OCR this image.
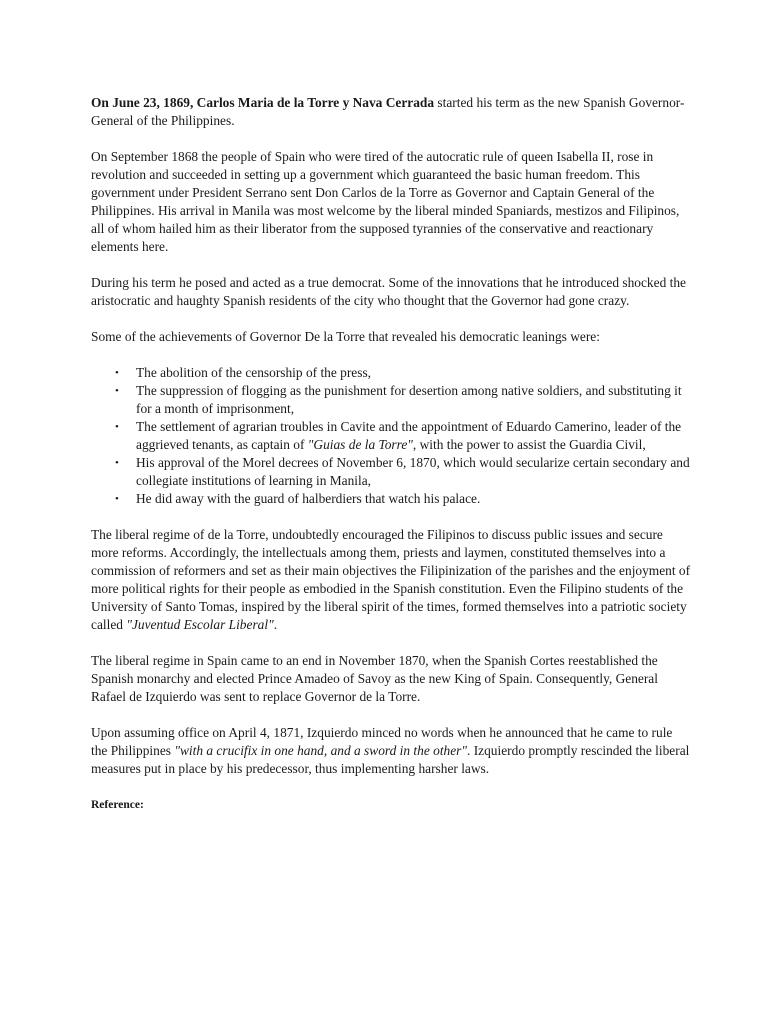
On June 23, 1869, Carlos Maria de la Torre y Nava Cerrada started his term as the new Spanish Governor-General of the Philippines.

On September 1868 the people of Spain who were tired of the autocratic rule of queen Isabella II, rose in revolution and succeeded in setting up a government which guaranteed the basic human freedom. This government under President Serrano sent Don Carlos de la Torre as Governor and Captain General of the Philippines. His arrival in Manila was most welcome by the liberal minded Spaniards, mestizos and Filipinos, all of whom hailed him as their liberator from the supposed tyrannies of the conservative and reactionary elements here.

During his term he posed and acted as a true democrat. Some of the innovations that he introduced shocked the aristocratic and haughty Spanish residents of the city who thought that the Governor had gone crazy.

Some of the achievements of Governor De la Torre that revealed his democratic leanings were:

• The abolition of the censorship of the press,
• The suppression of flogging as the punishment for desertion among native soldiers, and substituting it for a month of imprisonment,
• The settlement of agrarian troubles in Cavite and the appointment of Eduardo Camerino, leader of the aggrieved tenants, as captain of "Guias de la Torre", with the power to assist the Guardia Civil,
• His approval of the Morel decrees of November 6, 1870, which would secularize certain secondary and collegiate institutions of learning in Manila,
• He did away with the guard of halberdiers that watch his palace.

The liberal regime of de la Torre, undoubtedly encouraged the Filipinos to discuss public issues and secure more reforms. Accordingly, the intellectuals among them, priests and laymen, constituted themselves into a commission of reformers and set as their main objectives the Filipinization of the parishes and the enjoyment of more political rights for their people as embodied in the Spanish constitution. Even the Filipino students of the University of Santo Tomas, inspired by the liberal spirit of the times, formed themselves into a patriotic society called "Juventud Escolar Liberal".

The liberal regime in Spain came to an end in November 1870, when the Spanish Cortes reestablished the Spanish monarchy and elected Prince Amadeo of Savoy as the new King of Spain. Consequently, General Rafael de Izquierdo was sent to replace Governor de la Torre.

Upon assuming office on April 4, 1871, Izquierdo minced no words when he announced that he came to rule the Philippines "with a crucifix in one hand, and a sword in the other". Izquierdo promptly rescinded the liberal measures put in place by his predecessor, thus implementing harsher laws.

Reference:
